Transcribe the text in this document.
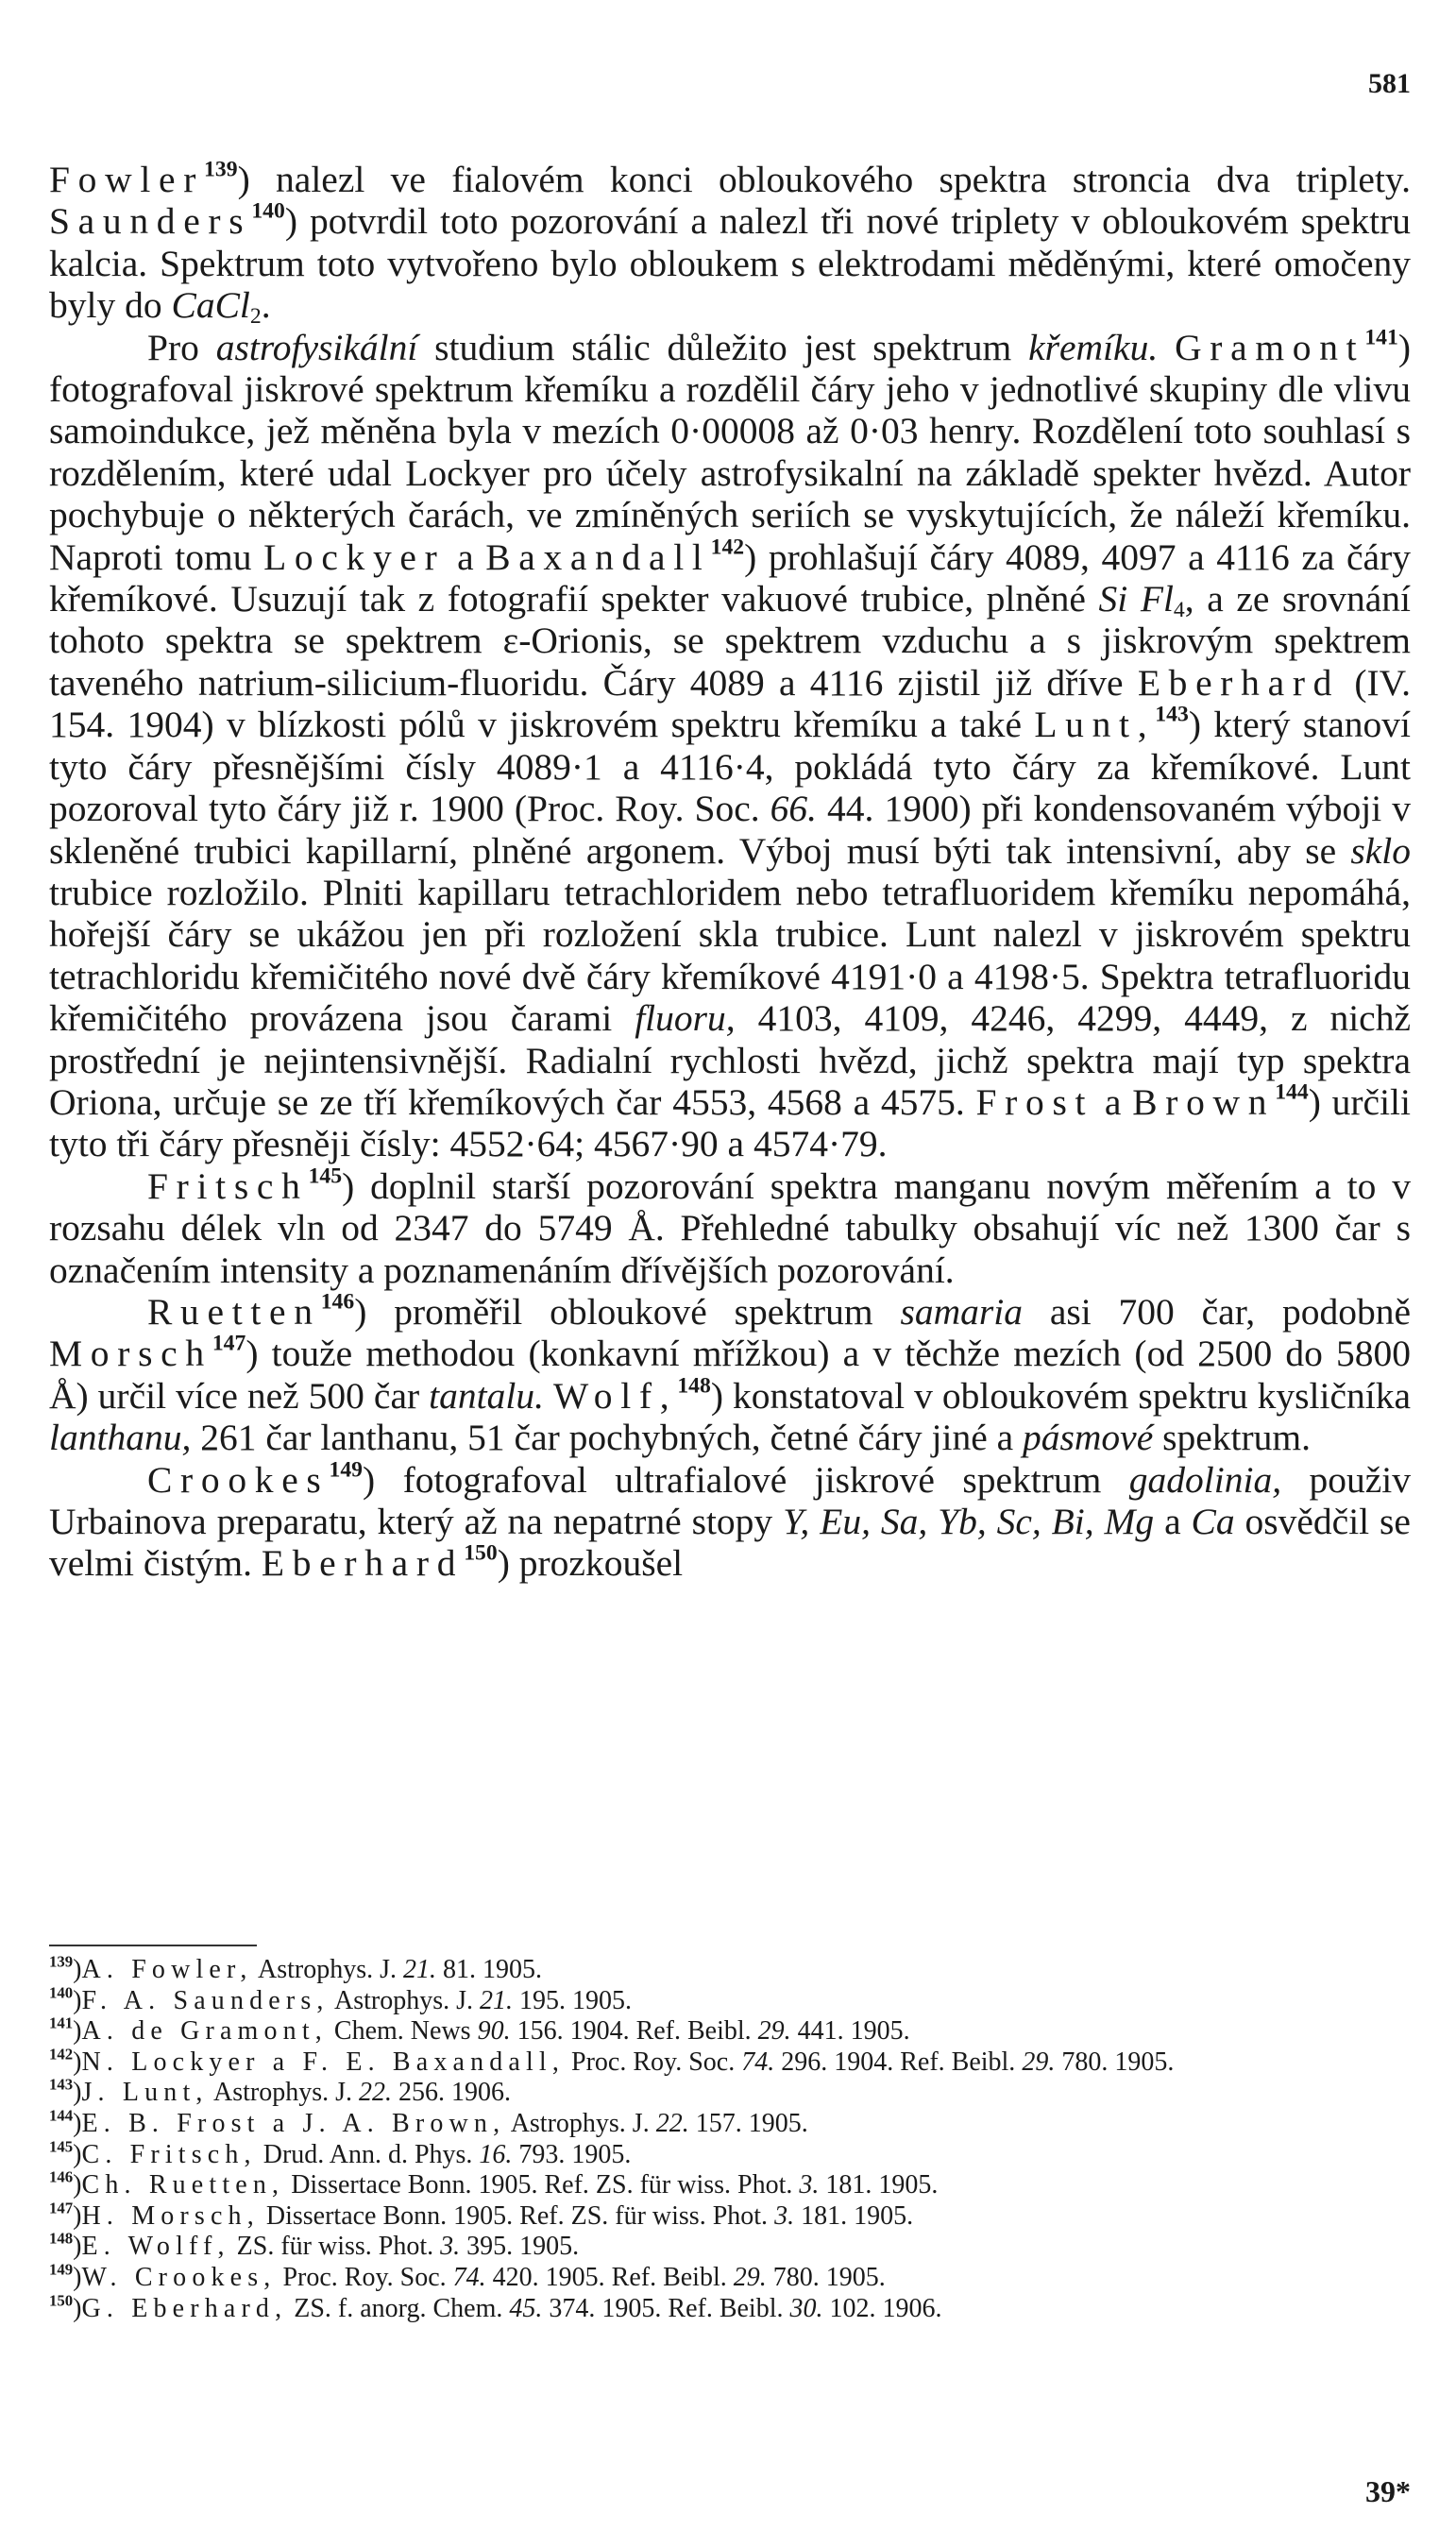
581

Fowler$^{139}$) nalezl ve fialovém konci obloukového spektra stroncia dva triplety. Saunders$^{140}$) potvrdil toto pozorování a nalezl tři nové triplety v obloukovém spektru kalcia. Spektrum toto vytvořeno bylo obloukem s elektrodami měděnými, které omočeny byly do CaCl$_2$.

Pro astrofysikální studium stálic důležito jest spektrum křemíku. Gramont$^{141}$) fotografoval jiskrové spektrum křemíku a rozdělil čáry jeho v jednotlivé skupiny dle vlivu samoindukce, jež měněna byla v mezích 0·00008 až 0·03 henry. Rozdělení toto souhlasí s rozdělením, které udal Lockyer pro účely astrofysikalní na základě spekter hvězd. Autor pochybuje o některých čarách, ve zmíněných seriích se vyskytujících, že náleží křemíku. Naproti tomu Lockyer a Baxandall$^{142}$) prohlašují čáry 4089, 4097 a 4116 za čáry křemíkové. Usuzují tak z fotografií spekter vakuové trubice, plněné Si $Fl_4$, a ze srovnání tohoto spektra se spektrem ε-Orionis, se spektrem vzduchu a s jiskrovým spektrem taveného natrium-silicium-fluoridu. Čáry 4089 a 4116 zjistil již dříve Eberhard (IV. 154. 1904) v blízkosti pólů v jiskrovém spektru křemíku a také Lunt,$^{143}$) který stanoví tyto čáry přesnějšími čísly 4089·1 a 4116·4, pokládá tyto čáry za křemíkové. Lunt pozoroval tyto čáry již r. 1900 (Proc. Roy. Soc. 66. 44. 1900) při kondensovaném výboji v skleněné trubici kapillarní, plněné argonem. Výboj musí býti tak intensivní, aby se sklo trubice rozložilo. Plniti kapillaru tetrachloridem nebo tetrafluoridem křemíku nepomáhá, hořejší čáry se ukážou jen při rozložení skla trubice. Lunt nalezl v jiskrovém spektru tetrachloridu křemičitého nové dvě čáry křemíkové 4191·0 a 4198·5. Spektra tetrafluoridu křemičitého provázena jsou čarami fluoru, 4103, 4109, 4246, 4299, 4449, z nichž prostřední je nejintensivnější. Radialní rychlosti hvězd, jichž spektra mají typ spektra Oriona, určuje se ze tří křemíkových čar 4553, 4568 a 4575. Frost a Brown$^{144}$) určili tyto tři čáry přesněji čísly: 4552·64; 4567·90 a 4574·79.

Fritsch$^{145}$) doplnil starší pozorování spektra manganu novým měřením a to v rozsahu délek vln od 2347 do 5749 Å. Přehledné tabulky obsahují víc než 1300 čar s označením intensity a poznamenáním dřívějších pozorování.

Ruetten$^{146}$) proměřil obloukové spektrum samaria asi 700 čar, podobně Morsch$^{147}$) touže methodou (konkavní mřížkou) a v těchže mezích (od 2500 do 5800 Å) určil více než 500 čar tantalu. Wolf,$^{148}$) konstatoval v obloukovém spektru kysličníka lanthanu, 261 čar lanthanu, 51 čar pochybných, četné čáry jiné a pásmové spektrum.

Crookes$^{149}$) fotografoval ultrafialové jiskrové spektrum gadolinia, použiv Urbainova preparatu, který až na nepatrné stopy Y, Eu, Sa, Yb, Sc, Bi, Mg a Ca osvědčil se velmi čistým. Eberhard$^{150}$) prozkoušel

$^{139}$)A. Fowler, Astrophys. J. 21. 81. 1905.

$^{140}$)F. A. Saunders, Astrophys. J. 21. 195. 1905.

$^{141}$)A. de Gramont, Chem. News 90. 156. 1904. Ref. Beibl. 29. 441. 1905.

$^{142}$)N. Lockyer a F. E. Baxandall, Proc. Roy. Soc. 74. 296. 1904. Ref. Beibl. 29. 780. 1905.

$^{143}$)J. Lunt, Astrophys. J. 22. 256. 1906.

$^{144}$)E. B. Frost a J. A. Brown, Astrophys. J. 22. 157. 1905.

$^{145}$)C. Fritsch, Drud. Ann. d. Phys. 16. 793. 1905.

$^{146}$)Ch. Ruetten, Dissertace Bonn. 1905. Ref. ZS. für wiss. Phot. 3. 181. 1905.

$^{147}$)H. Morsch, Dissertace Bonn. 1905. Ref. ZS. für wiss. Phot. 3. 181. 1905.

$^{148}$)E. Wolff, ZS. für wiss. Phot. 3. 395. 1905.

$^{149}$)W. Crookes, Proc. Roy. Soc. 74. 420. 1905. Ref. Beibl. 29. 780. 1905.

$^{150}$)G. Eberhard, ZS. f. anorg. Chem. 45. 374. 1905. Ref. Beibl. 30. 102. 1906.

39*
